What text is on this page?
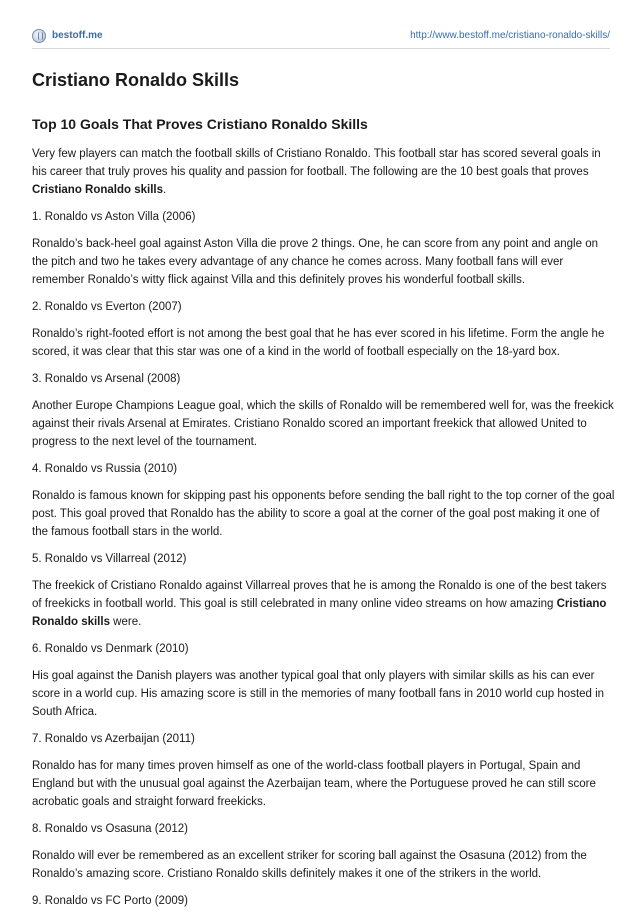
bestoff.me	http://www.bestoff.me/cristiano-ronaldo-skills/
Cristiano Ronaldo Skills
Top 10 Goals That Proves Cristiano Ronaldo Skills

Very few players can match the football skills of Cristiano Ronaldo. This football star has scored several goals in
his career that truly proves his quality and passion for football. The following are the 10 best goals that proves
Cristiano Ronaldo skills.

1. Ronaldo vs Aston Villa (2006)

Ronaldo’s back-heel goal against Aston Villa die prove 2 things. One, he can score from any point and angle on
the pitch and two he takes every advantage of any chance he comes across. Many football fans will ever
remember Ronaldo’s witty flick against Villa and this definitely proves his wonderful football skills.

2. Ronaldo vs Everton (2007)

Ronaldo’s right-footed effort is not among the best goal that he has ever scored in his lifetime. Form the angle he
scored, it was clear that this star was one of a kind in the world of football especially on the 18-yard box.

3. Ronaldo vs Arsenal (2008)

Another Europe Champions League goal, which the skills of Ronaldo will be remembered well for, was the freekick
against their rivals Arsenal at Emirates. Cristiano Ronaldo scored an important freekick that allowed United to
progress to the next level of the tournament.

4. Ronaldo vs Russia (2010)

Ronaldo is famous known for skipping past his opponents before sending the ball right to the top corner of the goal
post. This goal proved that Ronaldo has the ability to score a goal at the corner of the goal post making it one of
the famous football stars in the world.

5. Ronaldo vs Villarreal (2012)

The freekick of Cristiano Ronaldo against Villarreal proves that he is among the Ronaldo is one of the best takers
of freekicks in football world. This goal is still celebrated in many online video streams on how amazing Cristiano
Ronaldo skills were.

6. Ronaldo vs Denmark (2010)

His goal against the Danish players was another typical goal that only players with similar skills as his can ever
score in a world cup. His amazing score is still in the memories of many football fans in 2010 world cup hosted in
South Africa.

7. Ronaldo vs Azerbaijan (2011)

Ronaldo has for many times proven himself as one of the world-class football players in Portugal, Spain and
England but with the unusual goal against the Azerbaijan team, where the Portuguese proved he can still score
acrobatic goals and straight forward freekicks.

8. Ronaldo vs Osasuna (2012)

Ronaldo will ever be remembered as an excellent striker for scoring ball against the Osasuna (2012) from the
Ronaldo’s amazing score. Cristiano Ronaldo skills definitely makes it one of the strikers in the world.

9. Ronaldo vs FC Porto (2009)
